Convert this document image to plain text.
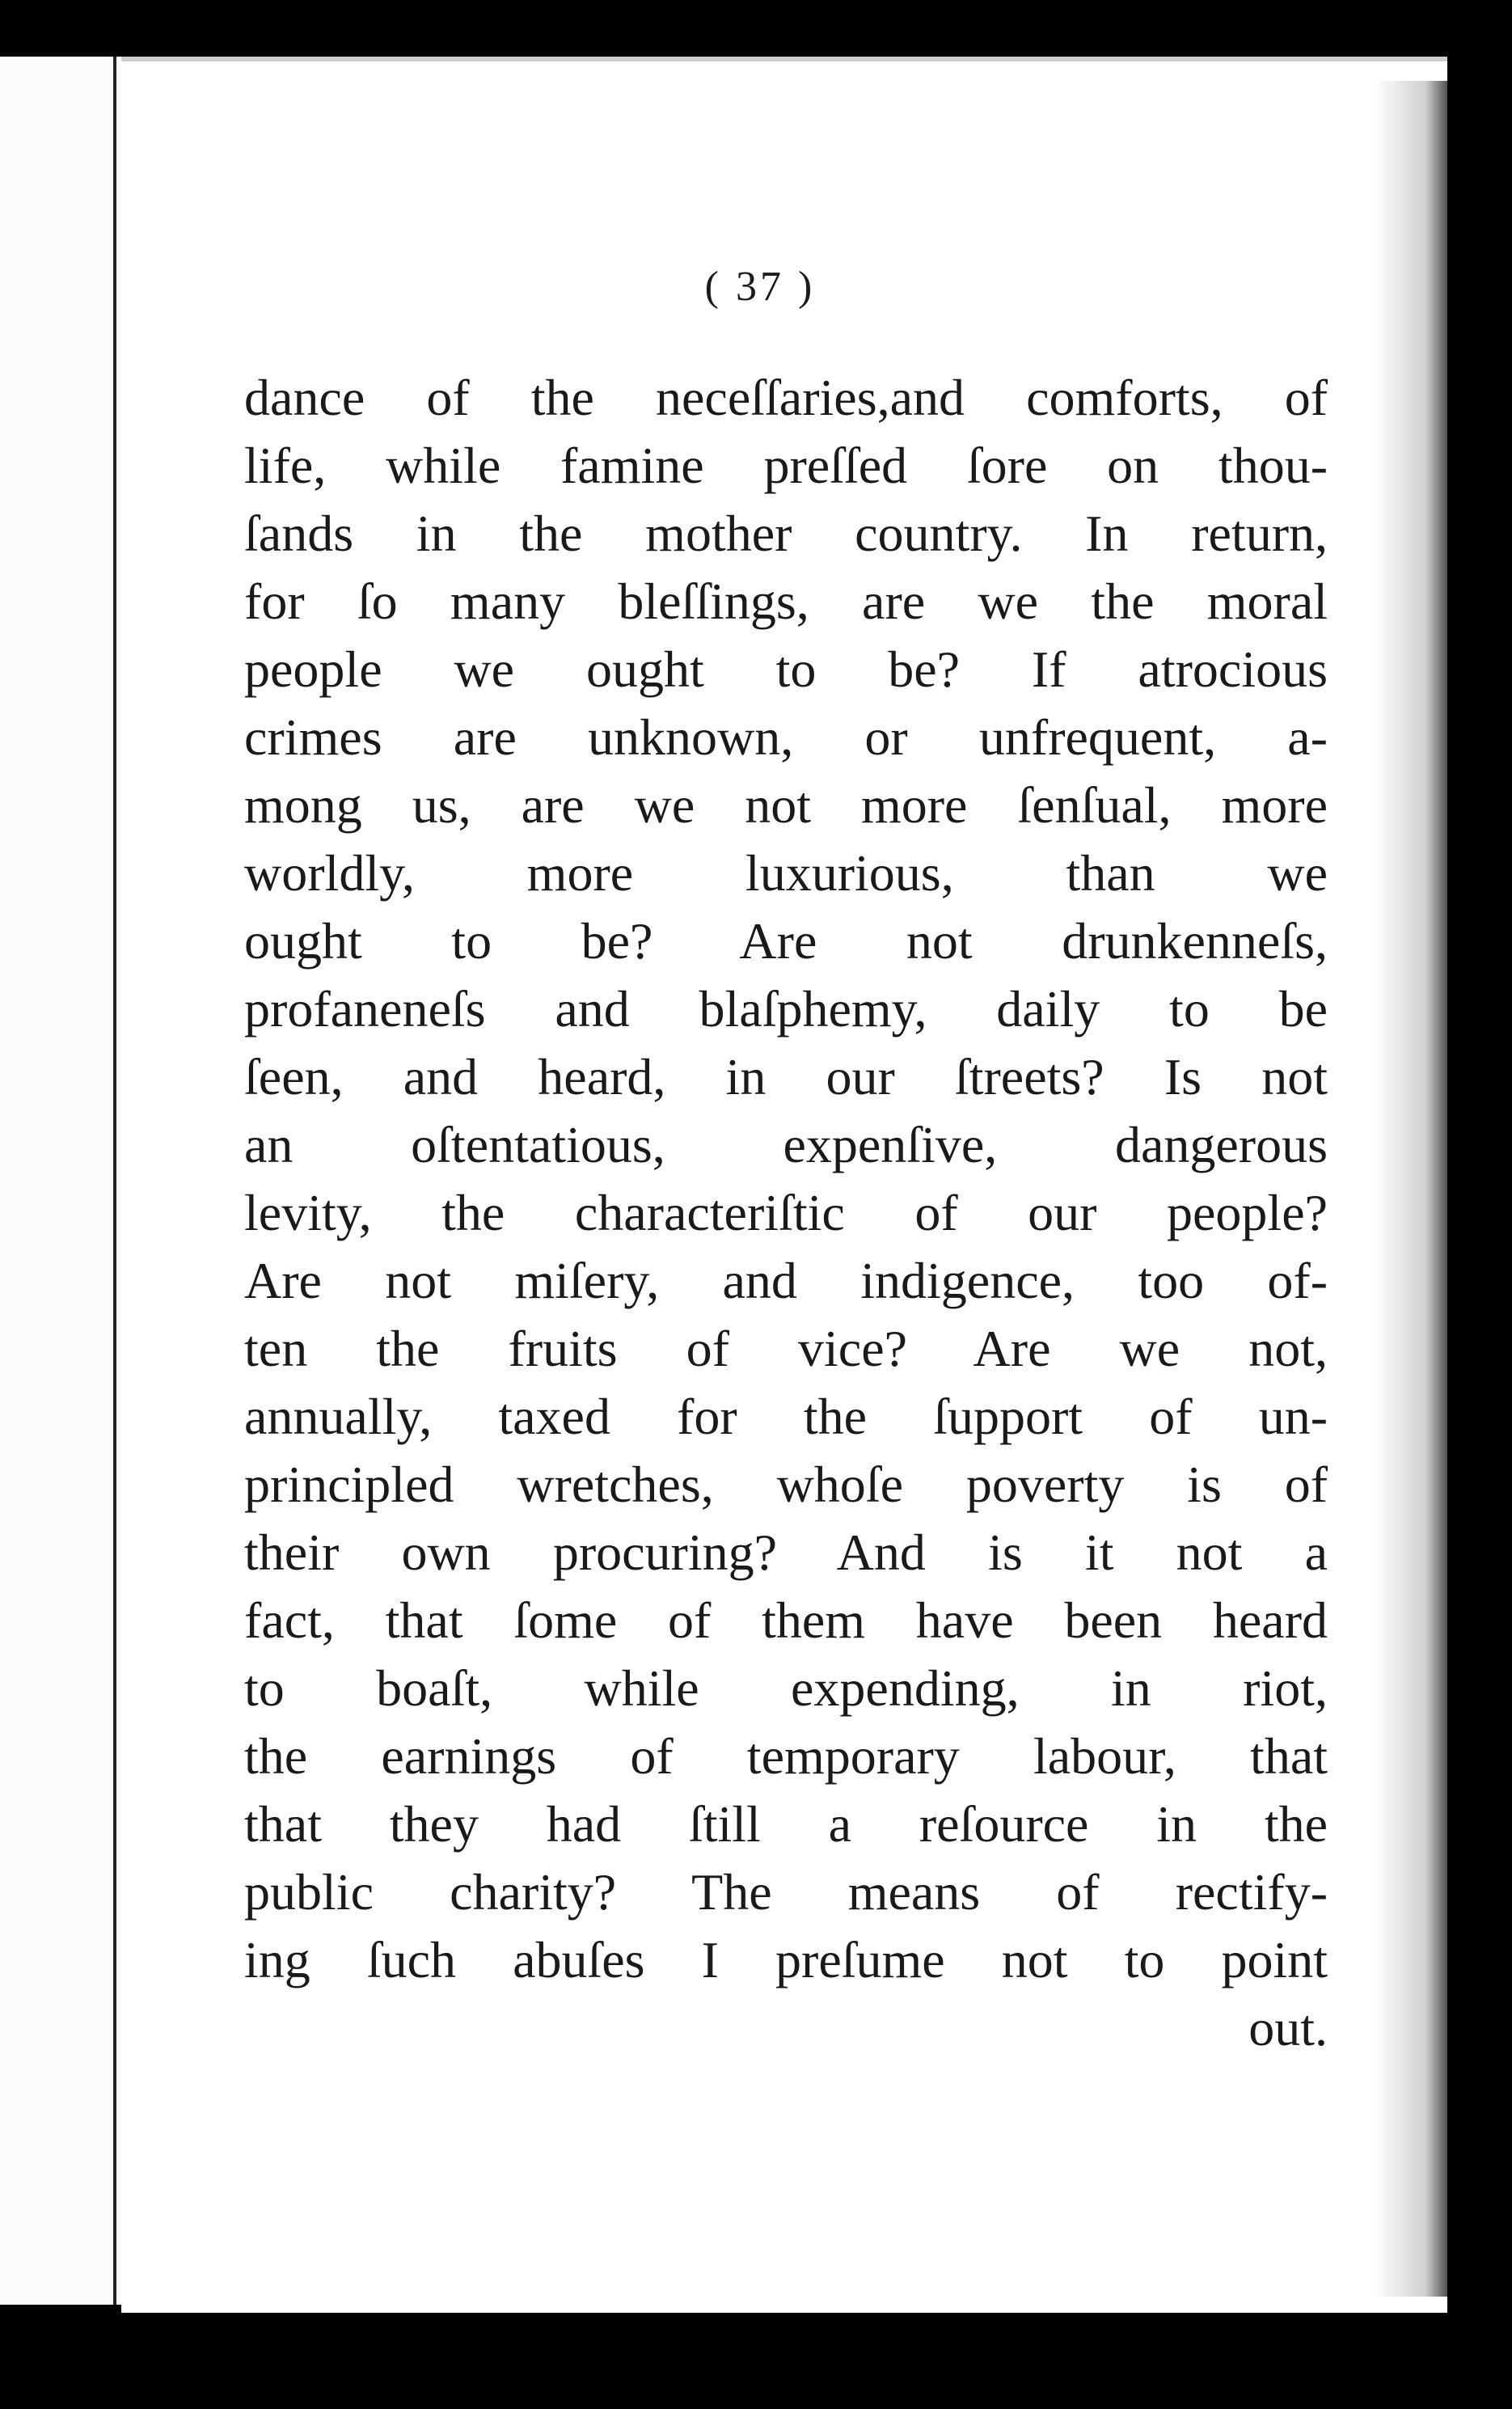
( 37 )
dance of the neceſſaries,and comforts, of
life, while famine preſſed ſore on thou-
ſands in the mother country. In return,
for ſo many bleſſings, are we the moral
people we ought to be? If atrocious
crimes are unknown, or unfrequent, a-
mong us, are we not more ſenſual, more
worldly, more luxurious, than we
ought to be? Are not drunkenneſs,
profaneneſs and blaſphemy, daily to be
ſeen, and heard, in our ſtreets? Is not
an oſtentatious, expenſive, dangerous
levity, the characteriſtic of our people?
Are not miſery, and indigence, too of-
ten the fruits of vice? Are we not,
annually, taxed for the ſupport of un-
principled wretches, whoſe poverty is of
their own procuring? And is it not a
fact, that ſome of them have been heard
to boaſt, while expending, in riot,
the earnings of temporary labour, that
that they had ſtill a reſource in the
public charity? The means of rectify-
ing ſuch abuſes I preſume not to point
out.
